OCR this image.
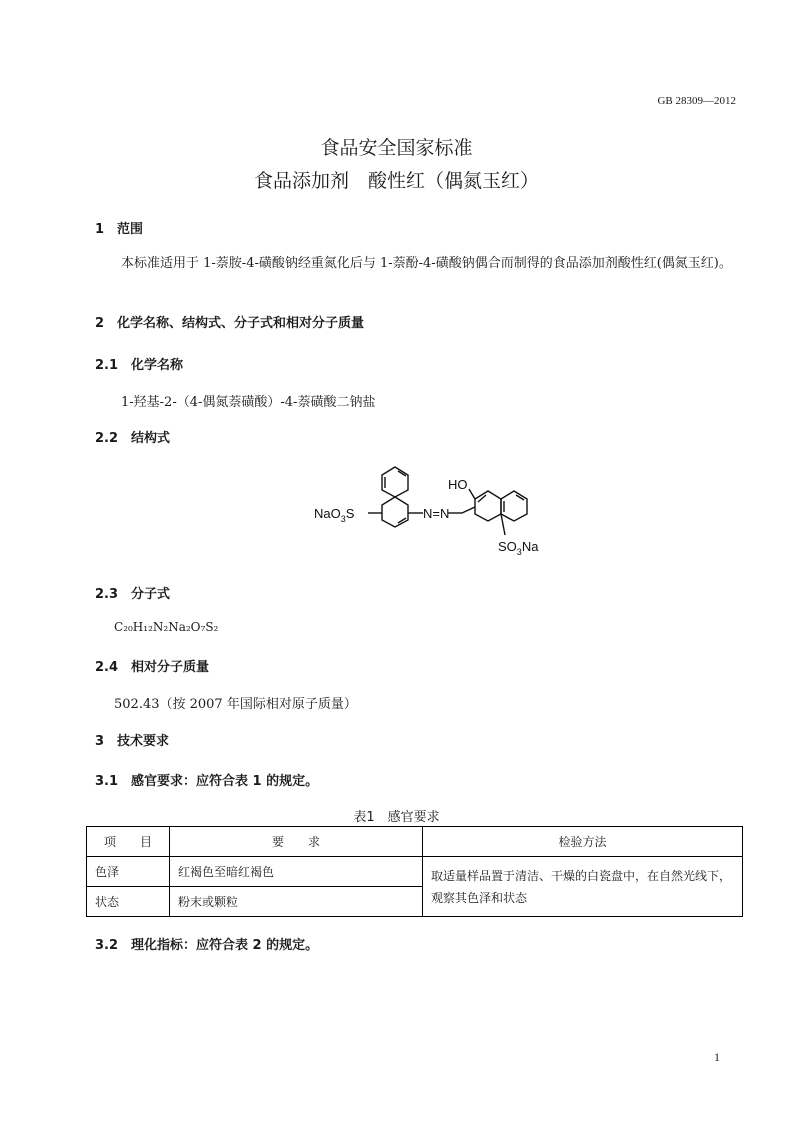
GB 28309—2012
食品安全国家标准
食品添加剂　酸性红（偶氮玉红）
1　范围
本标准适用于 1-萘胺-4-磺酸钠经重氮化后与 1-萘酚-4-磺酸钠偶合而制得的食品添加剂酸性红(偶氮玉红)。
2　化学名称、结构式、分子式和相对分子质量
2.1　化学名称
1-羟基-2-（4-偶氮萘磺酸）-4-萘磺酸二钠盐
2.2　结构式
HO
NaO$_3$S	N=N
$SO_3Na$
2.3　分子式
C₂₀H₁₂N₂Na₂O₇S₂
2.4　相对分子质量
502.43（按 2007 年国际相对原子质量）
3　技术要求
3.1　感官要求：应符合表 1 的规定。
表1　感官要求
项　　目	要　　求	检验方法
色泽	红褐色至暗红褐色	取适量样品置于清洁、干燥的白瓷盘中，在自然光线下，观察其色泽和状态
状态	粉末或颗粒	
3.2　理化指标：应符合表 2 的规定。
1
